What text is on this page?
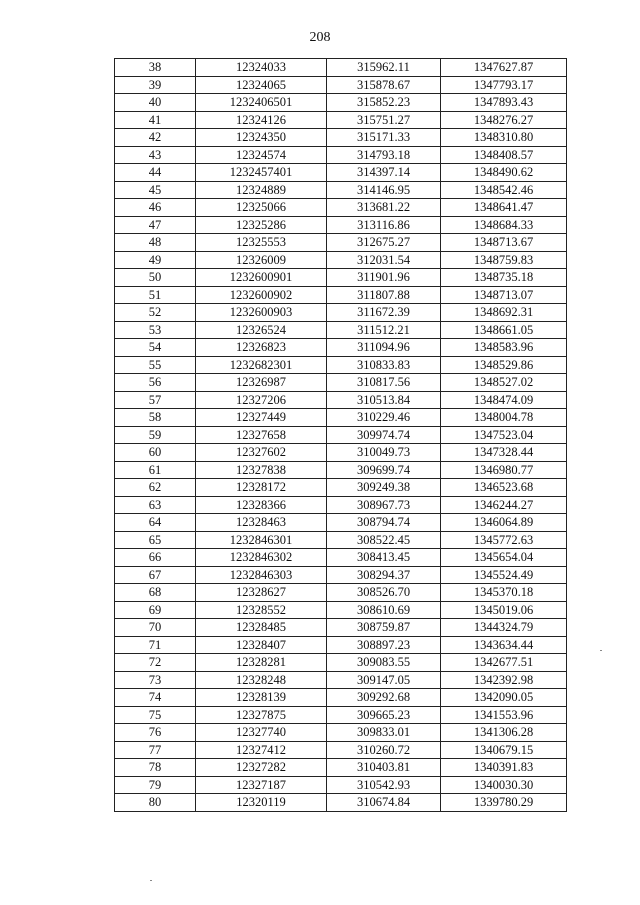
208
38	12324033	315962.11	1347627.87
39	12324065	315878.67	1347793.17
40	1232406501	315852.23	1347893.43
41	12324126	315751.27	1348276.27
42	12324350	315171.33	1348310.80
43	12324574	314793.18	1348408.57
44	1232457401	314397.14	1348490.62
45	12324889	314146.95	1348542.46
46	12325066	313681.22	1348641.47
47	12325286	313116.86	1348684.33
48	12325553	312675.27	1348713.67
49	12326009	312031.54	1348759.83
50	1232600901	311901.96	1348735.18
51	1232600902	311807.88	1348713.07
52	1232600903	311672.39	1348692.31
53	12326524	311512.21	1348661.05
54	12326823	311094.96	1348583.96
55	1232682301	310833.83	1348529.86
56	12326987	310817.56	1348527.02
57	12327206	310513.84	1348474.09
58	12327449	310229.46	1348004.78
59	12327658	309974.74	1347523.04
60	12327602	310049.73	1347328.44
61	12327838	309699.74	1346980.77
62	12328172	309249.38	1346523.68
63	12328366	308967.73	1346244.27
64	12328463	308794.74	1346064.89
65	1232846301	308522.45	1345772.63
66	1232846302	308413.45	1345654.04
67	1232846303	308294.37	1345524.49
68	12328627	308526.70	1345370.18
69	12328552	308610.69	1345019.06
70	12328485	308759.87	1344324.79
71	12328407	308897.23	1343634.44
72	12328281	309083.55	1342677.51
73	12328248	309147.05	1342392.98
74	12328139	309292.68	1342090.05
75	12327875	309665.23	1341553.96
76	12327740	309833.01	1341306.28
77	12327412	310260.72	1340679.15
78	12327282	310403.81	1340391.83
79	12327187	310542.93	1340030.30
80	12320119	310674.84	1339780.29
